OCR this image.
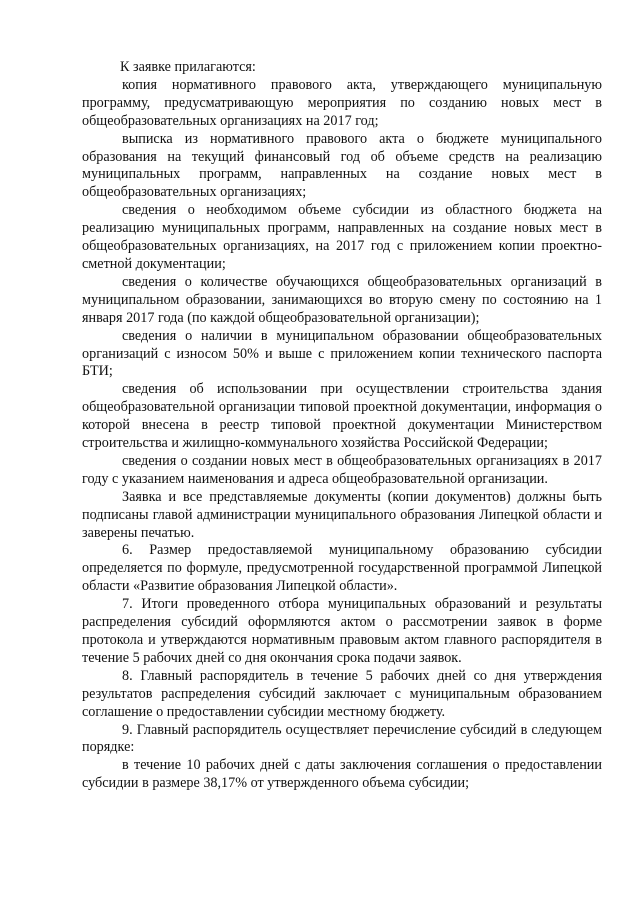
К заявке прилагаются:

копия нормативного правового акта, утверждающего муниципальную программу, предусматривающую мероприятия по созданию новых мест в общеобразовательных организациях на 2017 год;

выписка из нормативного правового акта о бюджете муниципального образования на текущий финансовый год об объеме средств на реализацию муниципальных программ, направленных на создание новых мест в общеобразовательных организациях;

сведения о необходимом объеме субсидии из областного бюджета на реализацию муниципальных программ, направленных на создание новых мест в общеобразовательных организациях, на 2017 год с приложением копии проектно-сметной документации;

сведения о количестве обучающихся общеобразовательных организаций в муниципальном образовании, занимающихся во вторую смену по состоянию на 1 января 2017 года (по каждой общеобразовательной организации);

сведения о наличии в муниципальном образовании общеобразовательных организаций с износом 50% и выше с приложением копии технического паспорта БТИ;

сведения об использовании при осуществлении строительства здания общеобразовательной организации типовой проектной документации, информация о которой внесена в реестр типовой проектной документации Министерством строительства и жилищно-коммунального хозяйства Российской Федерации;

сведения о создании новых мест в общеобразовательных организациях в 2017 году с указанием наименования и адреса общеобразовательной организации.

Заявка и все представляемые документы (копии документов) должны быть подписаны главой администрации муниципального образования Липецкой области и заверены печатью.

6. Размер предоставляемой муниципальному образованию субсидии определяется по формуле, предусмотренной государственной программой Липецкой области «Развитие образования Липецкой области».

7. Итоги проведенного отбора муниципальных образований и результаты распределения субсидий оформляются актом о рассмотрении заявок в форме протокола и утверждаются нормативным правовым актом главного распорядителя в течение 5 рабочих дней со дня окончания срока подачи заявок.

8. Главный распорядитель в течение 5 рабочих дней со дня утверждения результатов распределения субсидий заключает с муниципальным образованием соглашение о предоставлении субсидии местному бюджету.

9. Главный распорядитель осуществляет перечисление субсидий в следующем порядке:

в течение 10 рабочих дней с даты заключения соглашения о предоставлении субсидии в размере 38,17% от утвержденного объема субсидии;
